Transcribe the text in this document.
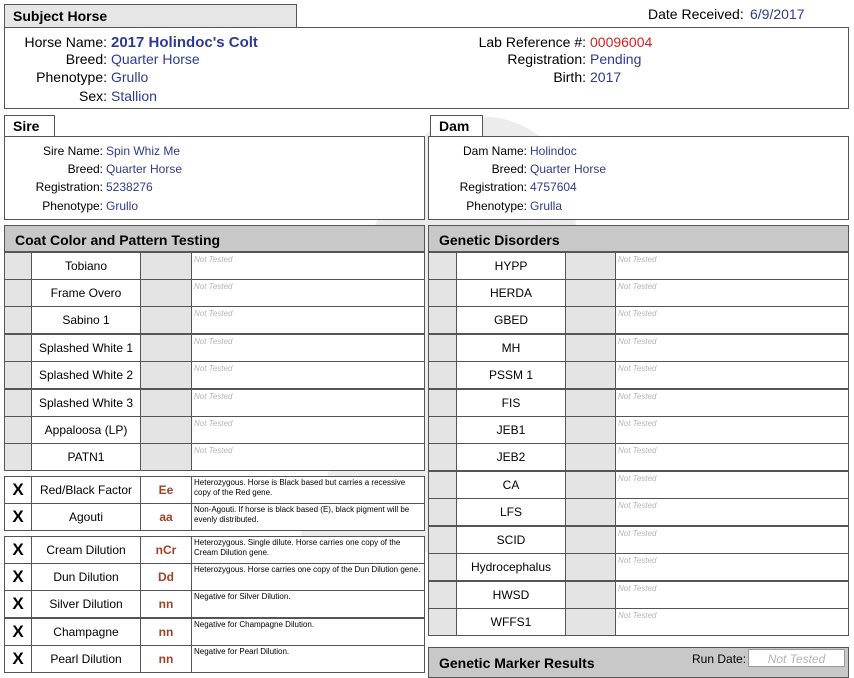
Subject Horse	Date Received: 6/9/2017
Horse Name: 2017 Holindoc's Colt
Breed: Quarter Horse
Phenotype: Grullo
Sex: Stallion
Lab Reference #: 00096004
Registration: Pending
Birth: 2017
Sire
Sire Name: Spin Whiz Me
Breed: Quarter Horse
Registration: 5238276
Phenotype: Grullo
Dam
Dam Name: Holindoc
Breed: Quarter Horse
Registration: 4757604
Phenotype: Grulla
Coat Color and Pattern Testing
Tobiano	Not Tested
Frame Overo	Not Tested
Sabino 1	Not Tested
Splashed White 1	Not Tested
Splashed White 2	Not Tested
Splashed White 3	Not Tested
Appaloosa (LP)	Not Tested
PATN1	Not Tested
X	Red/Black Factor	Ee
Heterozygous. Horse is Black based but carries a recessive copy of the Red gene.
X	Agouti	aa
Non-Agouti. If horse is black based (E), black pigment will be evenly distributed.
X	Cream Dilution	nCr
Heterozygous. Single dilute. Horse carries one copy of the Cream Dilution gene.
X	Dun Dilution	Dd
Heterozygous. Horse carries one copy of the Dun Dilution gene.
X	Silver Dilution	nn
Negative for Silver Dilution.
X	Champagne	nn
Negative for Champagne Dilution.
X	Pearl Dilution	nn
Negative for Pearl Dilution.
Genetic Disorders
HYPP	Not Tested
HERDA	Not Tested
GBED	Not Tested
MH	Not Tested
PSSM 1	Not Tested
FIS	Not Tested
JEB1	Not Tested
JEB2	Not Tested
CA	Not Tested
LFS	Not Tested
SCID	Not Tested
Hydrocephalus	Not Tested
HWSD	Not Tested
WFFS1	Not Tested
Genetic Marker Results	Run Date:	Not Tested
